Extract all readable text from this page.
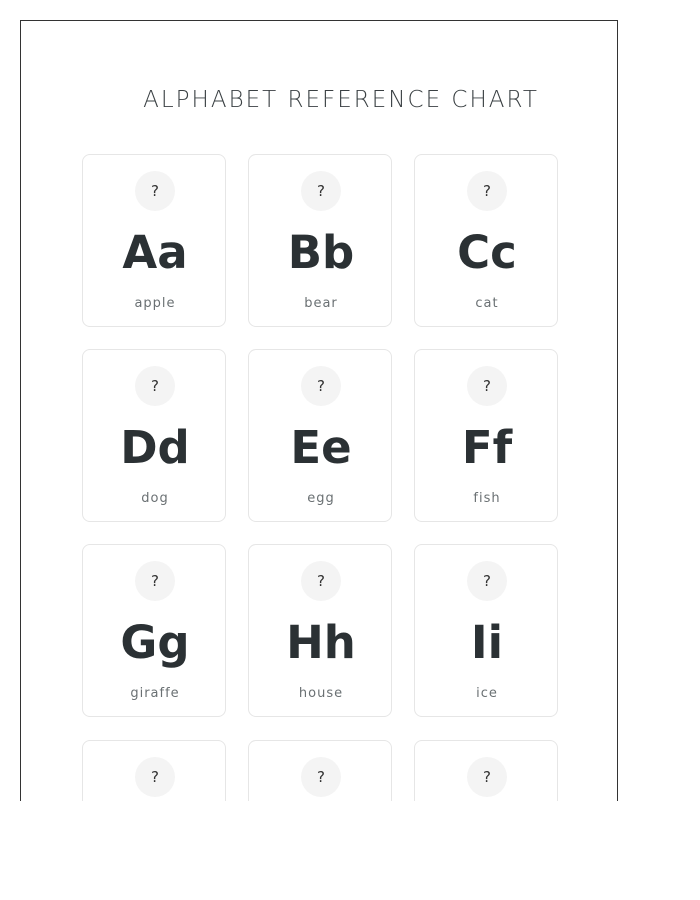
ALPHABET REFERENCE CHART
?
Aa
apple
?
Bb
bear
?
Cc
cat
?
Dd
dog
?
Ee
egg
?
Ff
fish
?
Gg
giraffe
?
Hh
house
?
Ii
ice
?	?	?
